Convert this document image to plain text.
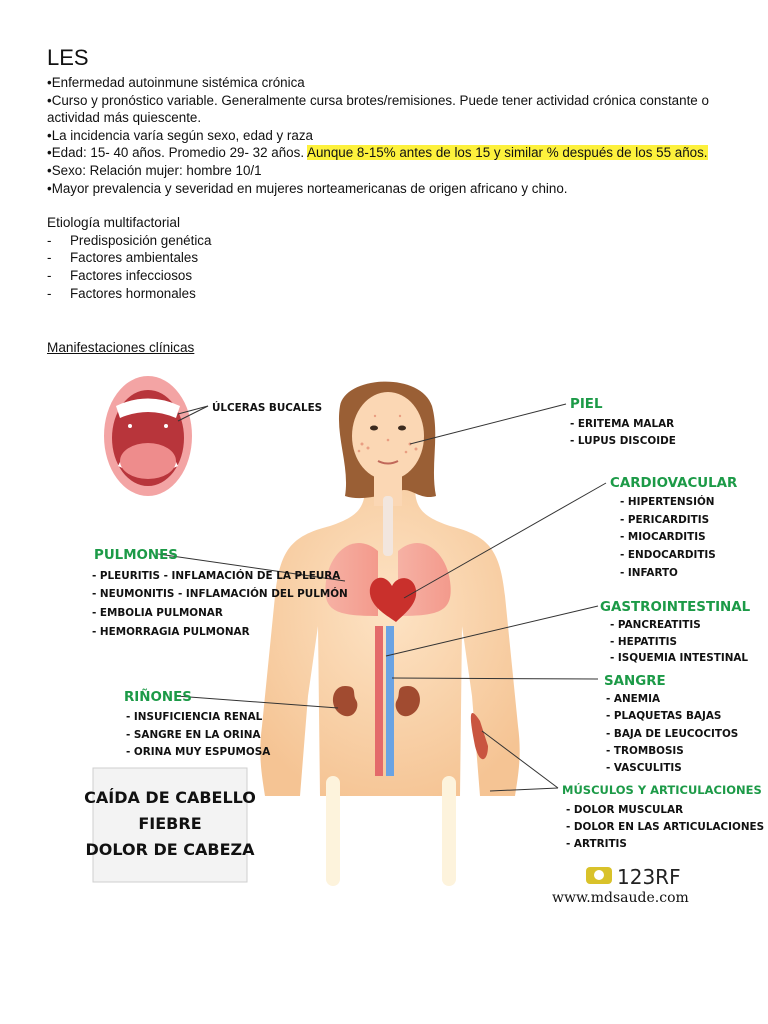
LES
•Enfermedad autoinmune sistémica crónica
•Curso y pronóstico variable. Generalmente cursa brotes/remisiones. Puede tener actividad crónica constante o actividad más quiescente.
•La incidencia varía según sexo, edad y raza
•Edad: 15- 40 años. Promedio 29- 32 años. Aunque 8-15% antes de los 15 y similar % después de los 55 años.
•Sexo: Relación mujer: hombre 10/1
•Mayor prevalencia y severidad en mujeres norteamericanas de origen africano y chino.
Etiología multifactorial
-	Predisposición genética
-	Factores ambientales
-	Factores infecciosos
-	Factores hormonales
Manifestaciones clínicas
ÚLCERAS BUCALES	PIEL
- ERITEMA MALAR
- LUPUS DISCOIDE
CARDIOVACULAR
- HIPERTENSIÓN
- PERICARDITIS
- MIOCARDITIS
- ENDOCARDITIS
- INFARTO
PULMONES
- PLEURITIS - INFLAMACIÓN DE LA PLEURA
- NEUMONITIS - INFLAMACIÓN DEL PULMÓN
- EMBOLIA PULMONAR
- HEMORRAGIA PULMONAR
GASTROINTESTINAL
- PANCREATITIS
- HEPATITIS
- ISQUEMIA INTESTINAL
SANGRE
- ANEMIA
- PLAQUETAS BAJAS
- BAJA DE LEUCOCITOS
- TROMBOSIS
- VASCULITIS
RIÑONES
- INSUFICIENCIA RENAL
- SANGRE EN LA ORINA
- ORINA MUY ESPUMOSA
MÚSCULOS Y ARTICULACIONES
- DOLOR MUSCULAR
- DOLOR EN LAS ARTICULACIONES
- ARTRITIS
CAÍDA DE CABELLO
FIEBRE
DOLOR DE CABEZA
123RF
www.mdsaude.com
